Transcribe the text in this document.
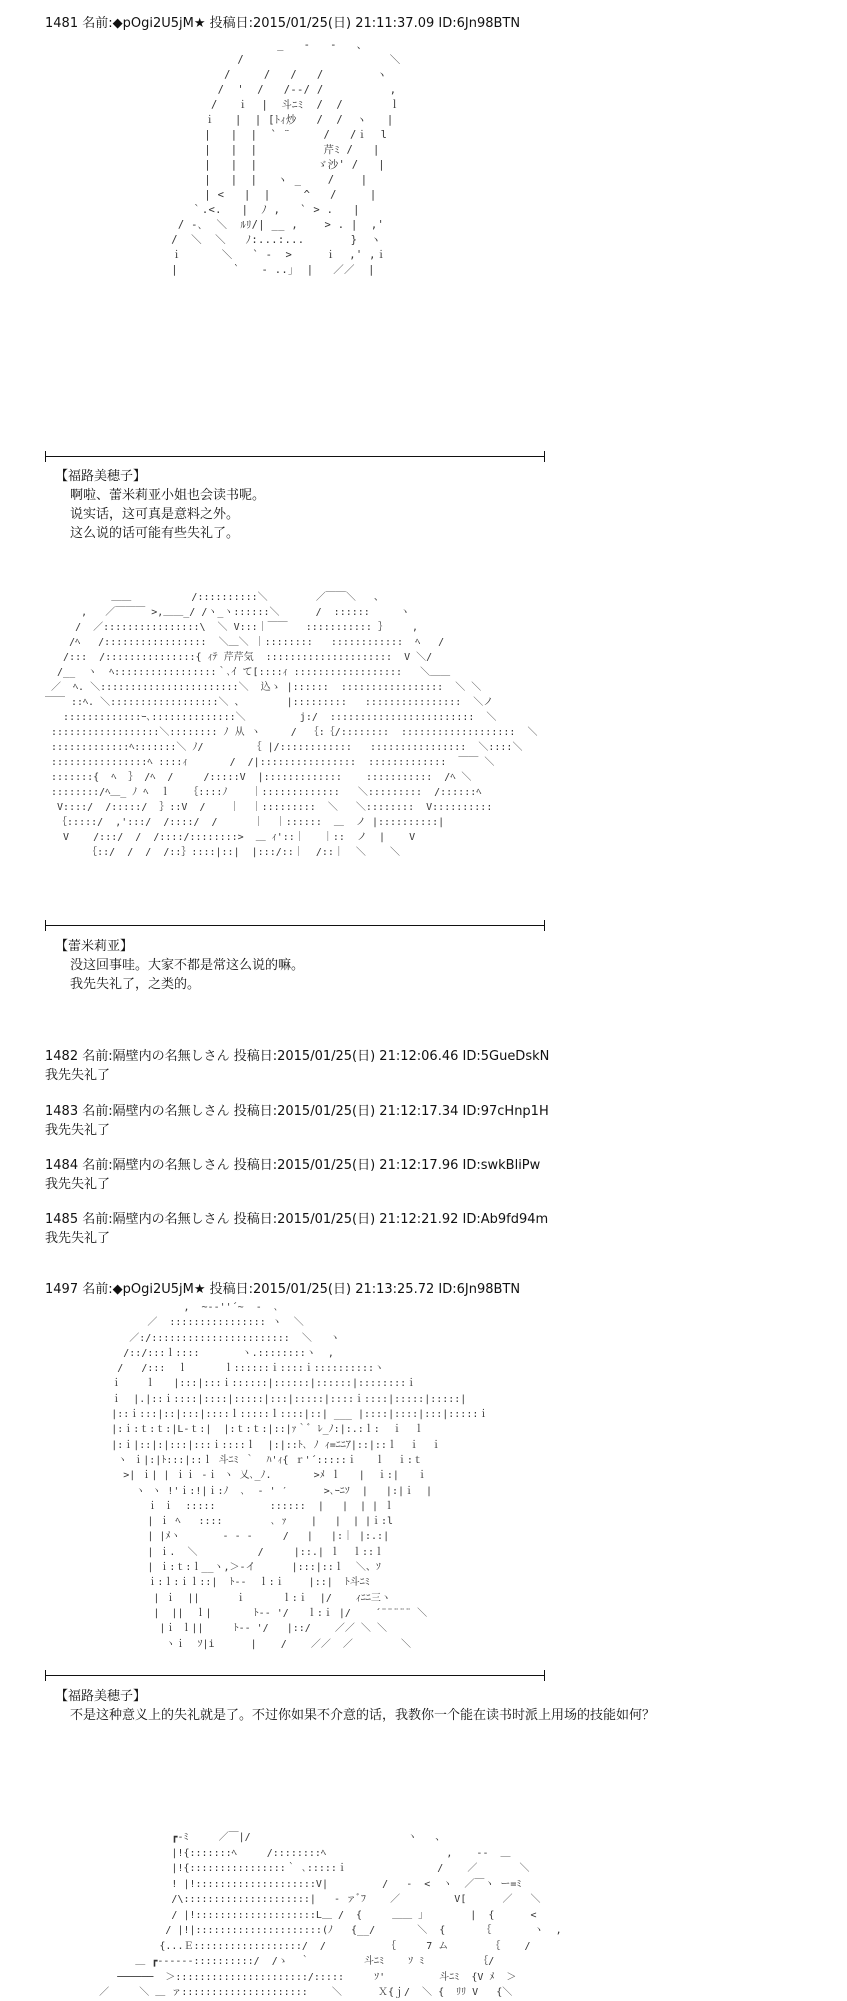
1481 名前:◆pOgi2U5jM★ 投稿日:2015/01/25(日) 21:11:37.09 ID:6Jn98BTN
_   -   ‐   、
/                      ＼
/     /   /   /        ヽ
/  '  /   /‐-/ /          ,
/   ｉ  |  斗ﾆﾐ  /  /       ｌ
ｉ   |  | [ﾄｨ炒   /  /  ヽ   |
|   |  |  ` ¨     /   /ｉ  l
|   |  |          芹ﾐ /   |
|   |  |         ゞ沙' /   |
|   |  |   ヽ _    /    |
| <   |  |     ^   /     |
｀.<.   |  ﾉ ,   ` > .   |
/ -､  ＼  ﾙﾘ/| __ ,    > . |  ,'
/  ＼  ＼   ﾉ:...:...       }  ヽ
ｉ      ＼   ` -  >     ｉ  ,' ,ｉ
|        ｀   ‐ ..｣  |   ／／  |
【福路美穂子】
啊啦、蕾米莉亚小姐也会读书呢。
说实话，这可真是意料之外。
这么说的话可能有些失礼了。
＿＿          /::::::::::＼        ／￣￣＼   、
,   ／￣￣￣ >,＿＿_/ /ヽ_ヽ::::::＼      /  ::::::     ヽ
/  ／::::::::::::::::\  ＼ V:::｜￣￣   ::::::::::: ｝    ,
/ﾍ   /:::::::::::::::::  ＼＿＼ ｜::::::::   ::::::::::::  ﾍ   /
/:::  /:::::::::::::::{ ｨﾃ 芹芹気  :::::::::::::::::::::  V ＼/
/__  ヽ  ﾍ:::::::::::::::::｀､ｲ て[::::ｨ ::::::::::::::::::   ＼＿＿
／  ﾍ. ＼:::::::::::::::::::::::＼  込ゝ |::::::  :::::::::::::::::  ＼ ＼
￣￣ ::ﾍ. ＼::::::::::::::::::＼ 、       |:::::::::   ::::::::::::::::  ＼ノ
:::::::::::::ｰ､::::::::::::::＼         j:/  ::::::::::::::::::::::::  ＼
::::::::::::::::::＼:::::::: ﾉ 从 ヽ     /  ｛:｛/::::::::  :::::::::::::::::::  ＼
:::::::::::::ﾍ:::::::＼ ﾉ/        ｛ |/::::::::::::   ::::::::::::::::  ＼::::＼
::::::::::::::::ﾍ ::::ｨ       /  /|::::::::::::::::  :::::::::::::  ￣￣ ＼
:::::::{  ﾍ  ｝ /ﾍ  /     /:::::V  |:::::::::::::    :::::::::::  /ﾍ ＼
::::::::/ﾍ＿_ ﾉ ﾍ  ｌ   ｛::::ﾉ    ｜:::::::::::::   ＼:::::::::  /::::::ﾍ
V::::/  /:::::/  ｝::V  /    ｜  ｜:::::::::  ＼   ＼::::::::  V::::::::::
｛:::::/  ,':::/  /::::/  /      ｜  ｜::::::  ＿  ノ |::::::::::|
V    /:::/  /  /::::/::::::::>  ＿ ｨ'::｜   ｜::  ノ  |    V
｛::/  /  /  /::｝::::|::|  |:::/::｜  /::｜  ＼    ＼
【蕾米莉亚】
没这回事哇。大家不都是常这么说的嘛。
我先失礼了，之类的。
1482 名前:隔壁内の名無しさん 投稿日:2015/01/25(日) 21:12:06.46 ID:5GueDskN
我先失礼了
1483 名前:隔壁内の名無しさん 投稿日:2015/01/25(日) 21:12:17.34 ID:97cHnp1H
我先失礼了
1484 名前:隔壁内の名無しさん 投稿日:2015/01/25(日) 21:12:17.96 ID:swkBliPw
我先失礼了
1485 名前:隔壁内の名無しさん 投稿日:2015/01/25(日) 21:12:21.92 ID:Ab9fd94m
我先失礼了
1497 名前:◆pOgi2U5jM★ 投稿日:2015/01/25(日) 21:13:25.72 ID:6Jn98BTN
,  ~-‐''´~  ‐  ､
／  :::::::::::::::: ヽ  ＼
／:/:::::::::::::::::::::::  ＼   ヽ
/::/:::ｌ::::       ヽ.::::::::ヽ  ,
/   /:::  ｌ      ｌ::::::ｉ::::ｉ::::::::::ヽ
ｉ    ｌ   |:::|:::ｉ::::::|::::::|::::::|::::::::ｉ
ｉ  |.|::ｉ::::|::::|:::::|:::|:::::|::::ｉ::::|:::::|:::::|
|::ｉ:::|::|:::|::::ｌ:::::ｌ::::|::| ___ |::::|::::|:::|:::::ｉ
|:ｉ:ｔ:ｔ:|L‐ｔ:|  |:ｔ:ｔ:|::|ｧ｀ﾞ ﾚ_ﾉ:|:.:ｌ:  ｉ  ｌ
|:ｉ|::|:|:::|:::ｉ::::ｌ  |:|::ﾄ､ ﾉ ｨ=ﾆﾆｱ|::|::ｌ  ｉ  ｉ
ヽ ｉ|:|ﾄ:::|::ｌ 斗ﾆﾐ ｀  ﾊ'ｨ{ ｒ'´:::::ｉ   ｌ  ｉ:ｔ
>| ｉ| | ｉｉ ‐ｉ ヽ 乂､_ﾉ.       >ﾒ ｌ   |  ｉ:|   ｉ
ヽ ヽ !'ｉ:!|ｉ:ﾉ  ､  ‐ ' ′      >､ｰﾆｿ  |   |:|ｉ  |
ｉ ｉ  :::::         ::::::  |   |  | | ｌ
| ｉ ﾍ   ::::        ､ ｧ    |   |  | |ｉ:l
| |ﾒヽ       ‐ ‐ ‐     /   |   |:｜ |:.:|
| ｉ.  ＼          /     |::.| ｌ  ｌ::ｌ
| ｉ:ｔ:ｌ__ヽ,＞‐イ      |:::|::ｌ  ＼、ｿ
ｉ:ｌ:ｉｌ::|  ﾄ-‐  ｌ:ｉ    |::|  ﾄ斗ﾆﾐ
| ｉ  ||      ｉ      ｌ:ｉ  |/    ｨﾆﾆ三ヽ
|  ||  ｌ|       ﾄ-‐ '/   ｌ:ｉ |/    ´¨¨¨¨¨ ＼
|ｉ ｌ||     ﾄ-‐ '/   |::/    ／／ ＼ ＼
ヽｉ  ｿ|i      |    /    ／／  ／        ＼
【福路美穂子】
不是这种意义上的失礼就是了。不过你如果不介意的话，我教你一个能在读书时派上用场的技能如何？
┏‐ﾐ     ／￣|/                          ヽ   、
|!{:::::::ﾍ     /::::::::ﾍ                    ,    -‐  ＿
|!{::::::::::::::::｀ ､:::::ｉ               /    ／       ＼
! |!::::::::::::::::::::V|         /   ‐  <  ヽ  ／￣ヽ ー=ﾐ
/\:::::::::::::::::::::|   ‐ ァﾞﾌ    ／         V[      ／   ＼
/ |!::::::::::::::::::::L＿ /  {     ＿＿ 」       |  {      <
/ |!|:::::::::::::::::::::(ﾉ   {__/       ＼  {      ｛       ヽ  ,
{...Ｅ::::::::::::::::::/  /          ｛     7 ム       ｛    /
＿ ┏‐‐‐‐‐‐::::::::::/  /ゝ  ｀         斗ﾆﾐ    ｿ ﾐ         ｛/
──────  ＞::::::::::::::::::::::/:::::     ｿ'         斗ﾆﾐ  {V ﾒ  ＞
／     ＼ ＿ ァ:::::::::::::::::::::    ＼      Ｘ{ｊ/  ＼ {  ﾘﾘ V   {＼
